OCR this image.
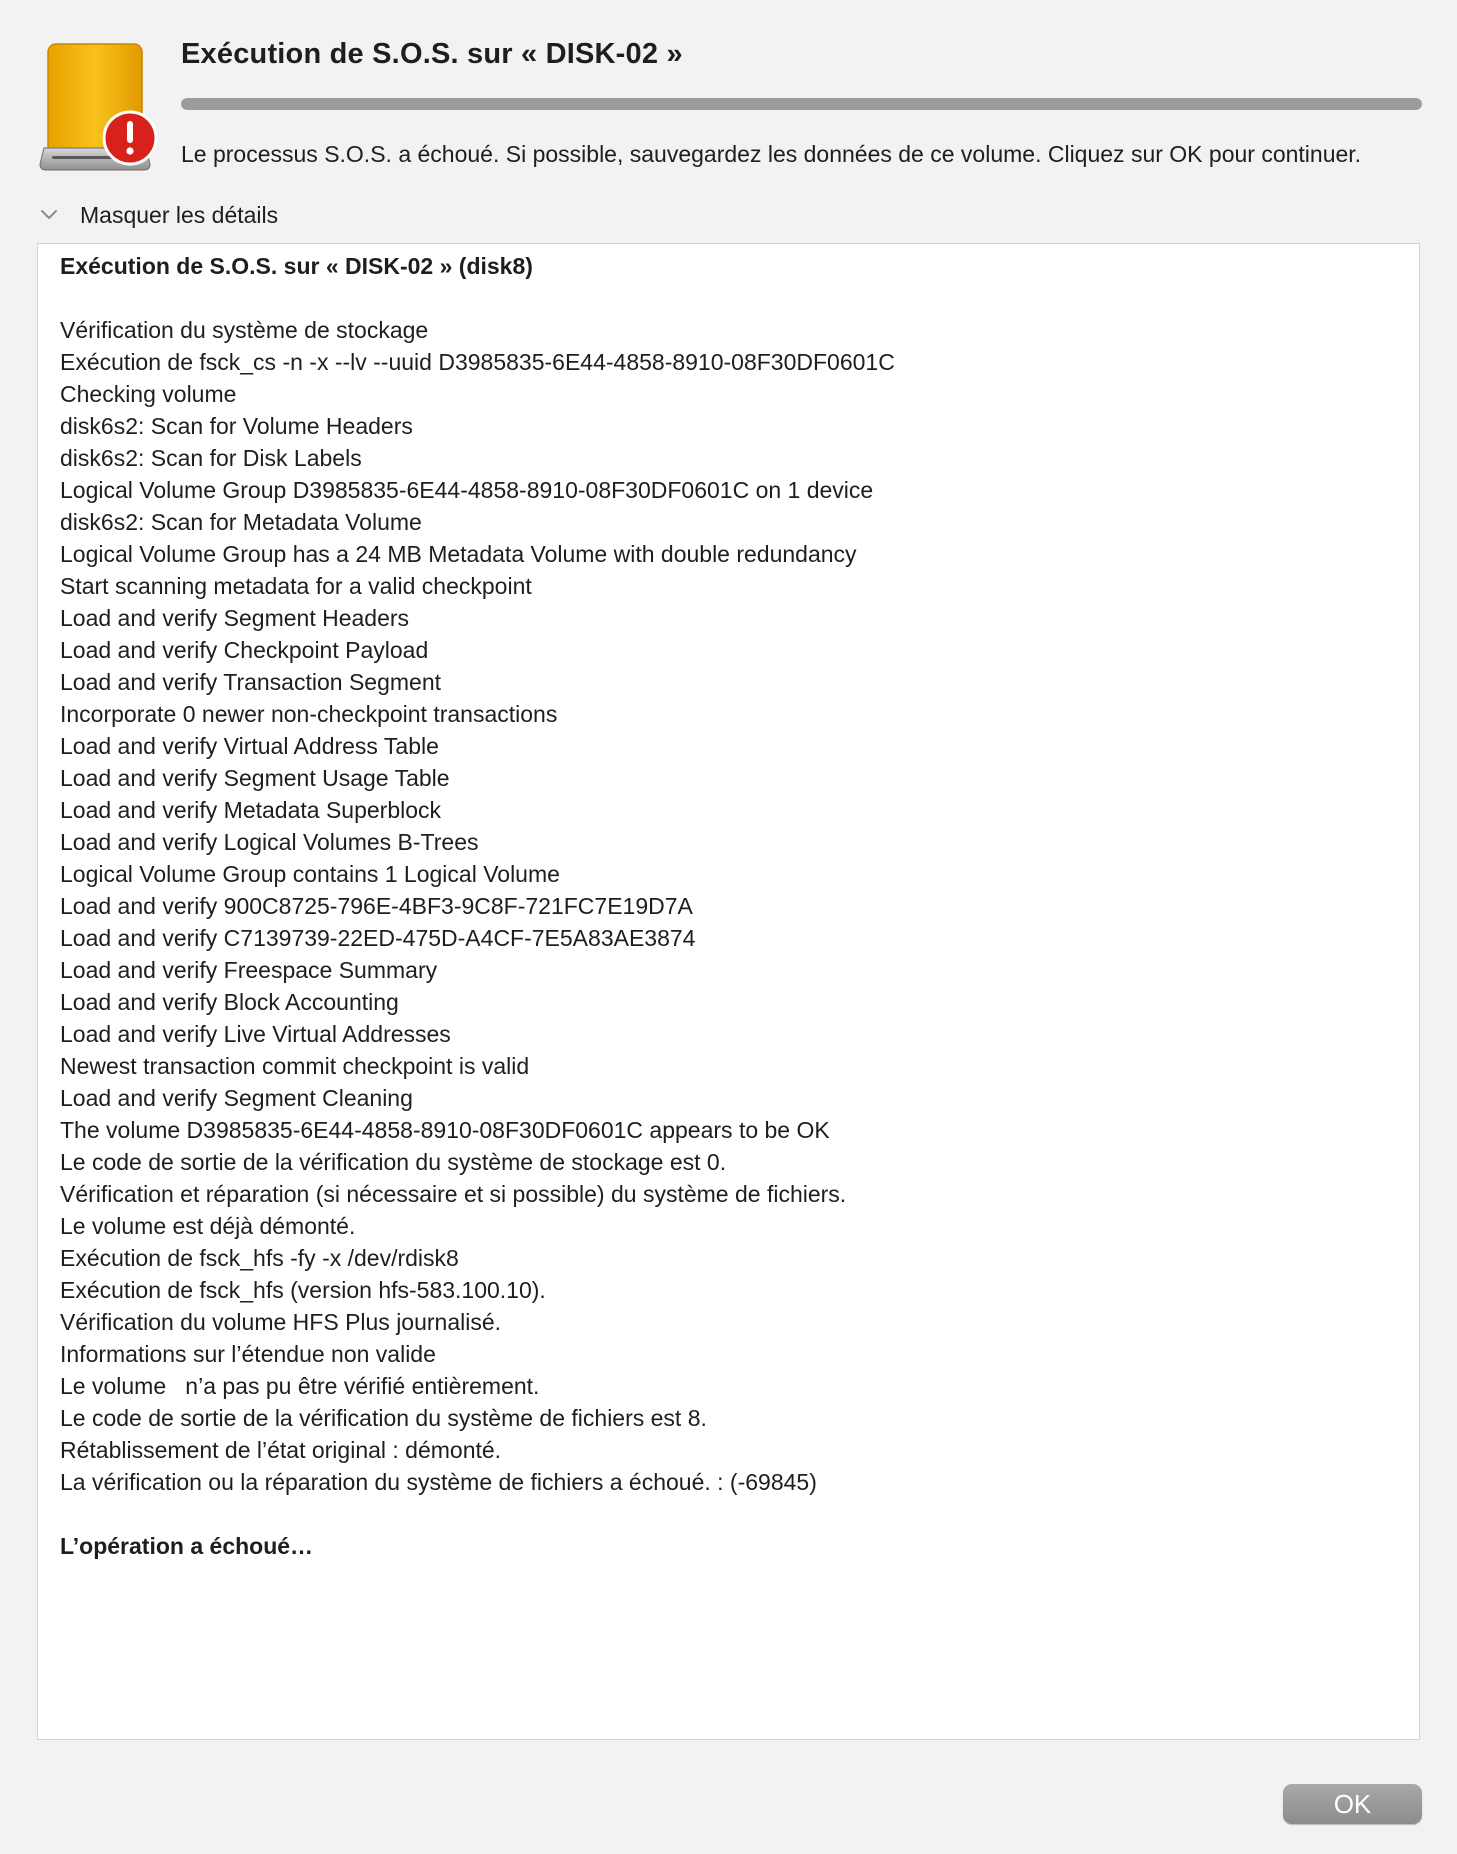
Exécution de S.O.S. sur « DISK-02 »
Le processus S.O.S. a échoué. Si possible, sauvegardez les données de ce volume. Cliquez sur OK pour continuer.
Masquer les détails
Exécution de S.O.S. sur « DISK-02 » (disk8)
Vérification du système de stockage
Exécution de fsck_cs -n -x --lv --uuid D3985835-6E44-4858-8910-08F30DF0601C
Checking volume
disk6s2: Scan for Volume Headers
disk6s2: Scan for Disk Labels
Logical Volume Group D3985835-6E44-4858-8910-08F30DF0601C on 1 device
disk6s2: Scan for Metadata Volume
Logical Volume Group has a 24 MB Metadata Volume with double redundancy
Start scanning metadata for a valid checkpoint
Load and verify Segment Headers
Load and verify Checkpoint Payload
Load and verify Transaction Segment
Incorporate 0 newer non-checkpoint transactions
Load and verify Virtual Address Table
Load and verify Segment Usage Table
Load and verify Metadata Superblock
Load and verify Logical Volumes B-Trees
Logical Volume Group contains 1 Logical Volume
Load and verify 900C8725-796E-4BF3-9C8F-721FC7E19D7A
Load and verify C7139739-22ED-475D-A4CF-7E5A83AE3874
Load and verify Freespace Summary
Load and verify Block Accounting
Load and verify Live Virtual Addresses
Newest transaction commit checkpoint is valid
Load and verify Segment Cleaning
The volume D3985835-6E44-4858-8910-08F30DF0601C appears to be OK
Le code de sortie de la vérification du système de stockage est 0.
Vérification et réparation (si nécessaire et si possible) du système de fichiers.
Le volume est déjà démonté.
Exécution de fsck_hfs -fy -x /dev/rdisk8
Exécution de fsck_hfs (version hfs-583.100.10).
Vérification du volume HFS Plus journalisé.
Informations sur l’étendue non valide
Le volume   n’a pas pu être vérifié entièrement.
Le code de sortie de la vérification du système de fichiers est 8.
Rétablissement de l’état original : démonté.
La vérification ou la réparation du système de fichiers a échoué. : (-69845)
L’opération a échoué…
OK
